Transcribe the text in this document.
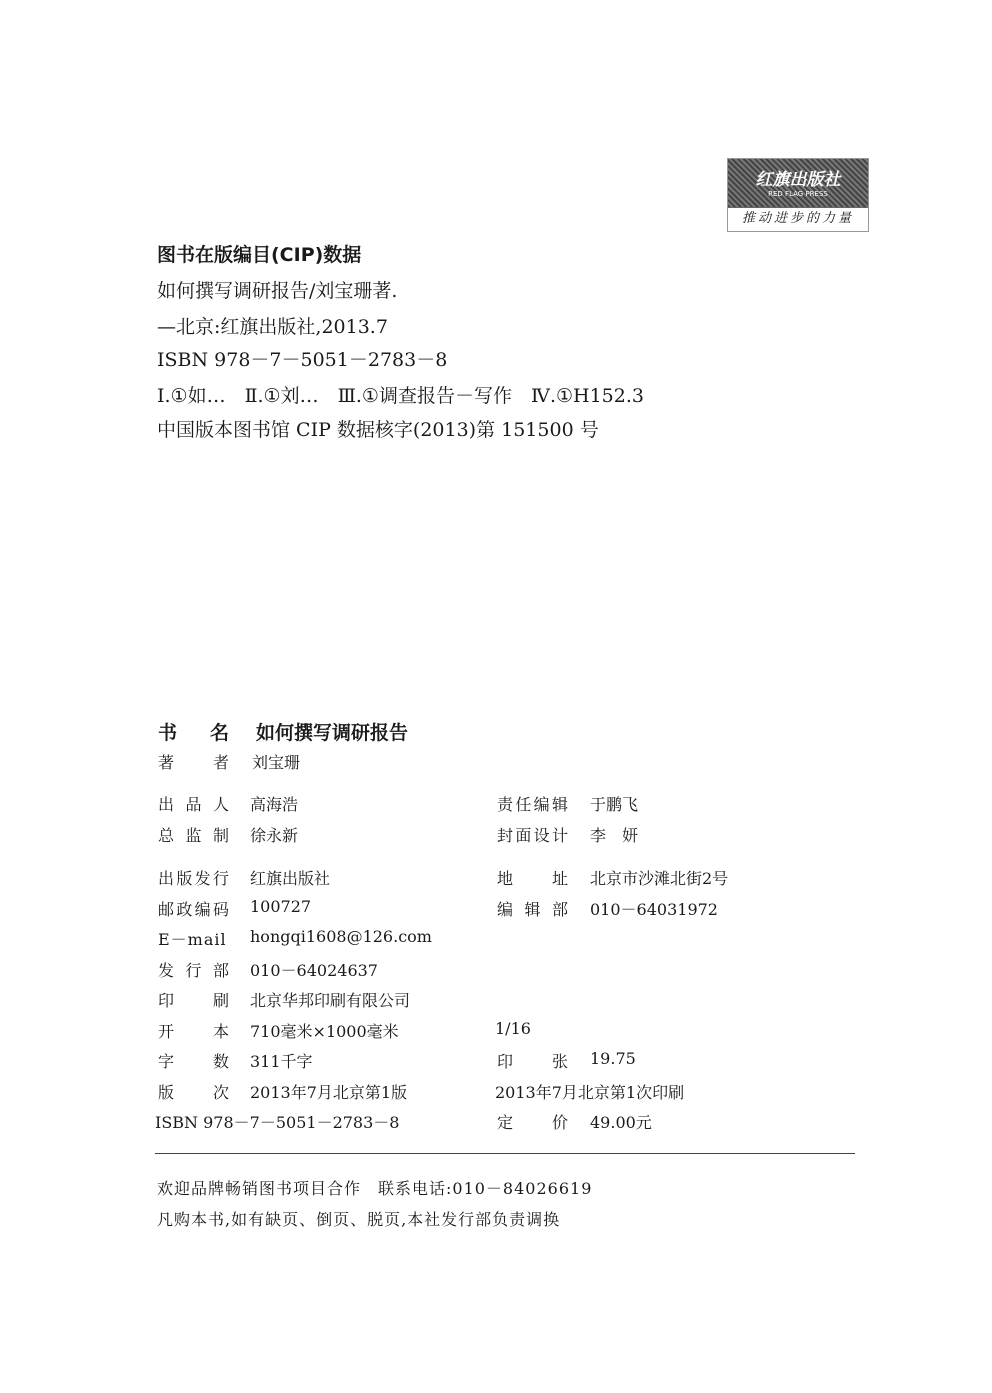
红旗出版社
RED FLAG PRESS
推动进步的力量
图书在版编目(CIP)数据
如何撰写调研报告/刘宝珊著.
—北京:红旗出版社,2013.7
ISBN 978－7－5051－2783－8
Ⅰ.①如…　Ⅱ.①刘…　Ⅲ.①调查报告－写作　Ⅳ.①H152.3
中国版本图书馆 CIP 数据核字(2013)第 151500 号
书名 如何撰写调研报告
著者 刘宝珊
出品人 高海浩	责任编辑 于鹏飞
总监制 徐永新	封面设计 李　妍
出版发行 红旗出版社	地址 北京市沙滩北街2号
邮政编码 100727	编辑部 010－64031972
E－mail hongqi1608@126.com
发行部 010－64024637
印刷 北京华邦印刷有限公司
开本 710毫米×1000毫米	1/16
字数 311千字	印张 19.75
版次 2013年7月北京第1版	2013年7月北京第1次印刷
ISBN 978－7－5051－2783－8	定价 49.00元
欢迎品牌畅销图书项目合作　联系电话:010－84026619
凡购本书,如有缺页、倒页、脱页,本社发行部负责调换
